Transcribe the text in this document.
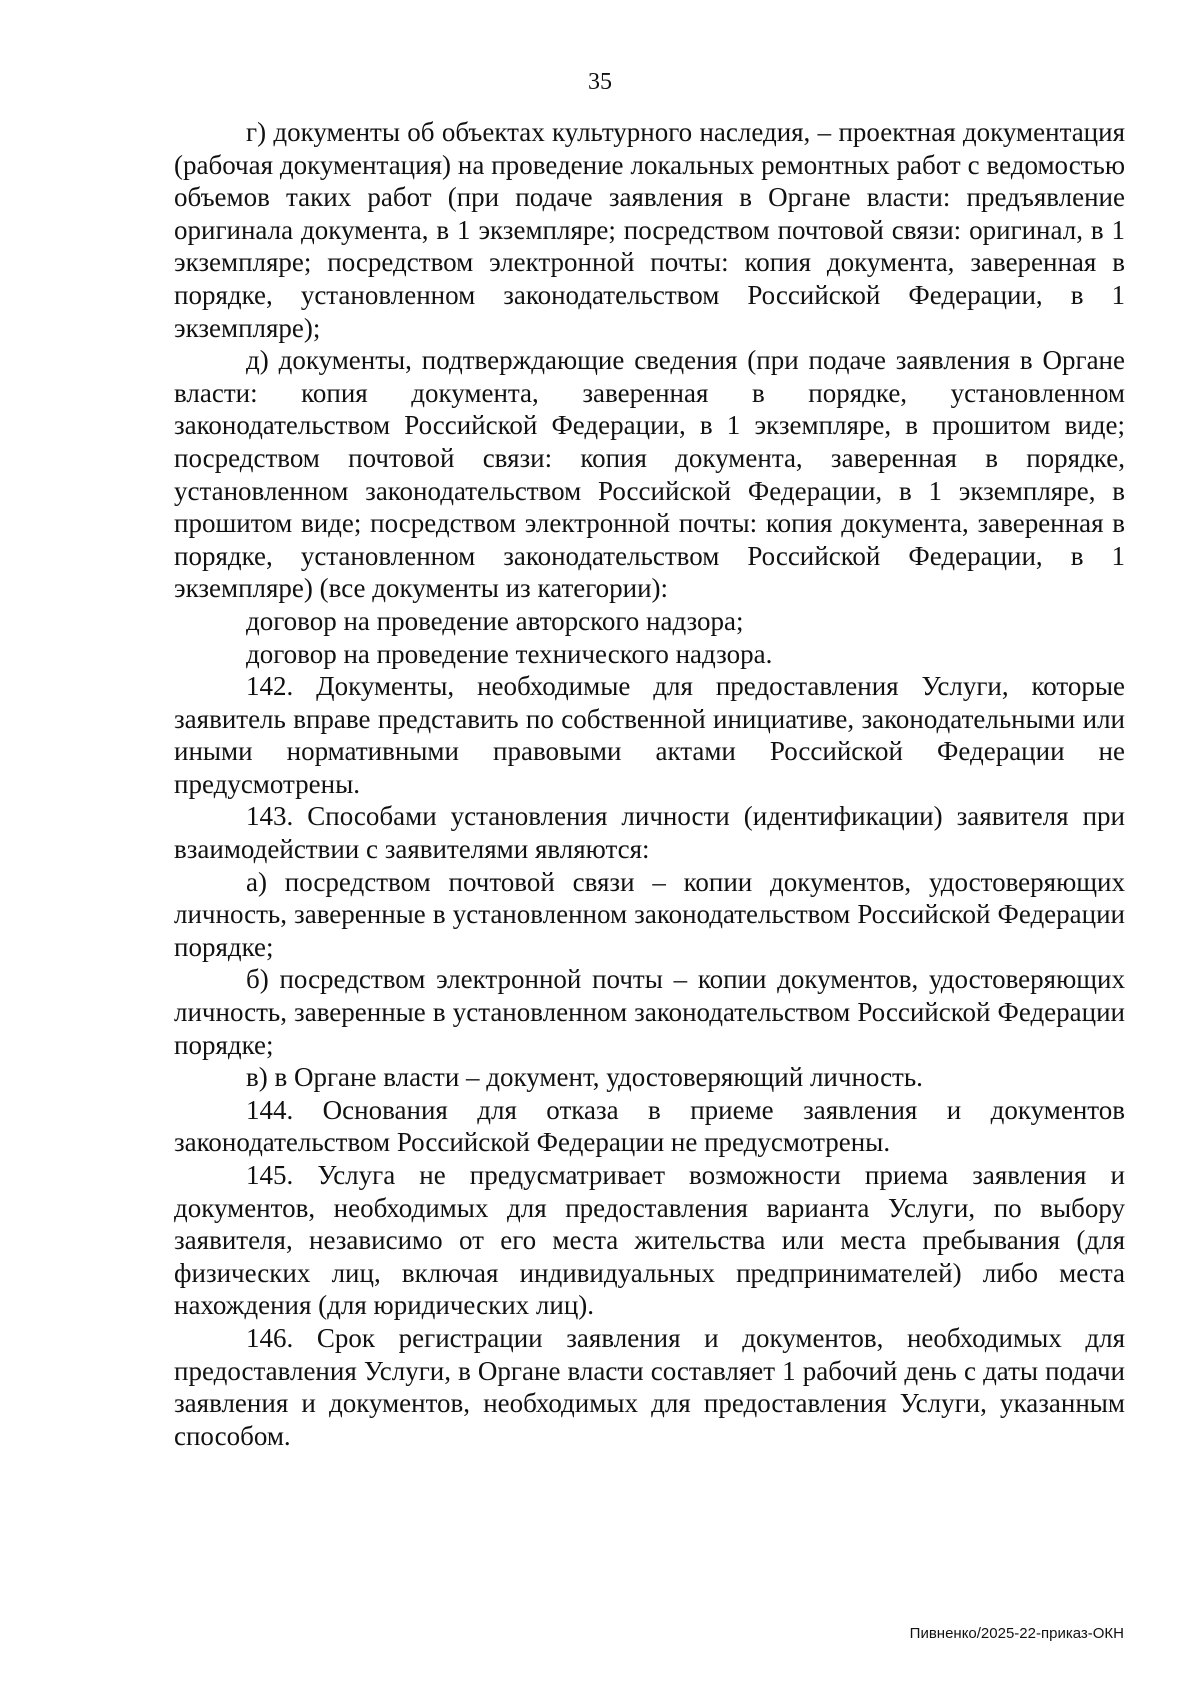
35

г) документы об объектах культурного наследия, – проектная документация (рабочая документация) на проведение локальных ремонтных работ с ведомостью объемов таких работ (при подаче заявления в Органе власти: предъявление оригинала документа, в 1 экземпляре; посредством почтовой связи: оригинал, в 1 экземпляре; посредством электронной почты: копия документа, заверенная в порядке, установленном законодательством Российской Федерации, в 1 экземпляре);

д) документы, подтверждающие сведения (при подаче заявления в Органе власти: копия документа, заверенная в порядке, установленном законодательством Российской Федерации, в 1 экземпляре, в прошитом виде; посредством почтовой связи: копия документа, заверенная в порядке, установленном законодательством Российской Федерации, в 1 экземпляре, в прошитом виде; посредством электронной почты: копия документа, заверенная в порядке, установленном законодательством Российской Федерации, в 1 экземпляре) (все документы из категории):

договор на проведение авторского надзора;

договор на проведение технического надзора.

142. Документы, необходимые для предоставления Услуги, которые заявитель вправе представить по собственной инициативе, законодательными или иными нормативными правовыми актами Российской Федерации не предусмотрены.

143. Способами установления личности (идентификации) заявителя при взаимодействии с заявителями являются:

а) посредством почтовой связи – копии документов, удостоверяющих личность, заверенные в установленном законодательством Российской Федерации порядке;

б) посредством электронной почты – копии документов, удостоверяющих личность, заверенные в установленном законодательством Российской Федерации порядке;

в) в Органе власти – документ, удостоверяющий личность.

144. Основания для отказа в приеме заявления и документов законодательством Российской Федерации не предусмотрены.

145. Услуга не предусматривает возможности приема заявления и документов, необходимых для предоставления варианта Услуги, по выбору заявителя, независимо от его места жительства или места пребывания (для физических лиц, включая индивидуальных предпринимателей) либо места нахождения (для юридических лиц).

146. Срок регистрации заявления и документов, необходимых для предоставления Услуги, в Органе власти составляет 1 рабочий день с даты подачи заявления и документов, необходимых для предоставления Услуги, указанным способом.

Пивненко/2025-22-приказ-ОКН
